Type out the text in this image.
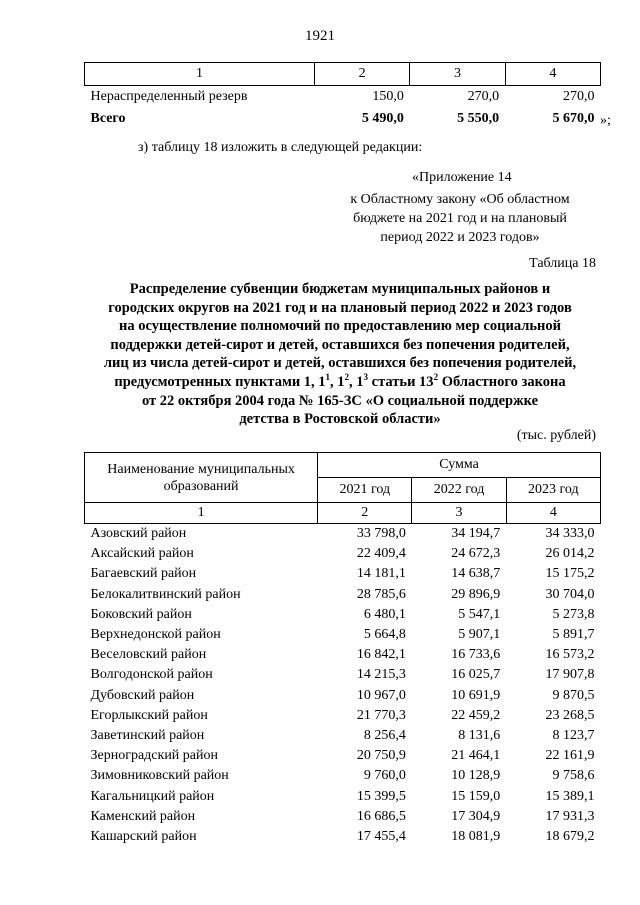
1921
1	2	3	4
Нераспределенный резерв	150,0	270,0	270,0
Всего	5 490,0	5 550,0	5 670,0 »;
з) таблицу 18 изложить в следующей редакции:
«Приложение 14
к Областному закону «Об областном
бюджете на 2021 год и на плановый
период 2022 и 2023 годов»
Таблица 18
Распределение субвенции бюджетам муниципальных районов и
городских округов на 2021 год и на плановый период 2022 и 2023 годов
на осуществление полномочий по предоставлению мер социальной
поддержки детей-сирот и детей, оставшихся без попечения родителей,
лиц из числа детей-сирот и детей, оставшихся без попечения родителей,
предусмотренных пунктами 1, $1^1$, $1^2$, $1^3$ статьи $13^2$ Областного закона
от 22 октября 2004 года № 165-ЗС «О социальной поддержке
детства в Ростовской области»
(тыс. рублей)
Наименование муниципальных
образований	Сумма		
	2021 год	2022 год	2023 год
1	2	3	4
Азовский район	33 798,0	34 194,7	34 333,0
Аксайский район	22 409,4	24 672,3	26 014,2
Багаевский район	14 181,1	14 638,7	15 175,2
Белокалитвинский район	28 785,6	29 896,9	30 704,0
Боковский район	6 480,1	5 547,1	5 273,8
Верхнедонской район	5 664,8	5 907,1	5 891,7
Веселовский район	16 842,1	16 733,6	16 573,2
Волгодонской район	14 215,3	16 025,7	17 907,8
Дубовский район	10 967,0	10 691,9	9 870,5
Егорлыкский район	21 770,3	22 459,2	23 268,5
Заветинский район	8 256,4	8 131,6	8 123,7
Зерноградский район	20 750,9	21 464,1	22 161,9
Зимовниковский район	9 760,0	10 128,9	9 758,6
Кагальницкий район	15 399,5	15 159,0	15 389,1
Каменский район	16 686,5	17 304,9	17 931,3
Кашарский район	17 455,4	18 081,9	18 679,2
